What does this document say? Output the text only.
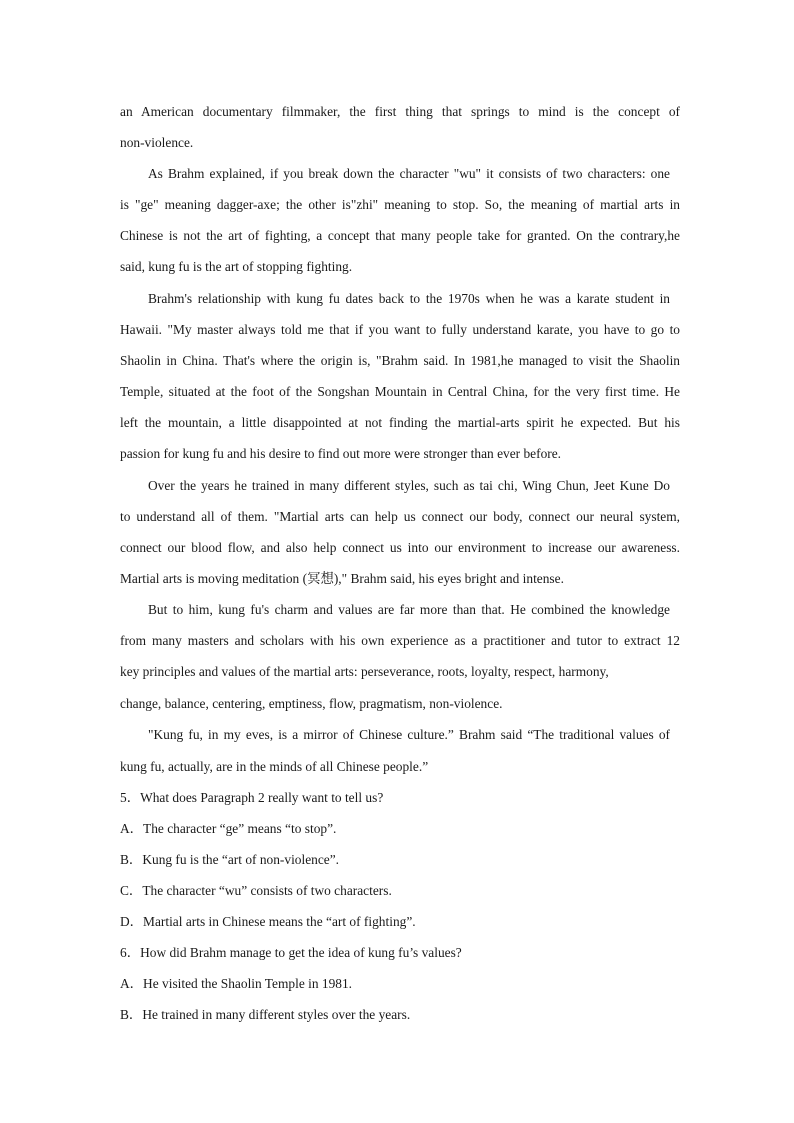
an American documentary filmmaker, the first thing that springs to mind is the concept of
non-violence.
As Brahm explained, if you break down the character "wu" it consists of two characters: one
is "ge" meaning dagger-axe; the other is"zhi" meaning to stop. So, the meaning of martial arts in
Chinese is not the art of fighting, a concept that many people take for granted. On the contrary,he
said, kung fu is the art of stopping fighting.
Brahm's relationship with kung fu dates back to the 1970s when he was a karate student in
Hawaii. "My master always told me that if you want to fully understand karate, you have to go to
Shaolin in China. That's where the origin is, "Brahm said. In 1981,he managed to visit the Shaolin
Temple, situated at the foot of the Songshan Mountain in Central China, for the very first time. He
left the mountain, a little disappointed at not finding the martial-arts spirit he expected. But his
passion for kung fu and his desire to find out more were stronger than ever before.
Over the years he trained in many different styles, such as tai chi, Wing Chun, Jeet Kune Do
to understand all of them. "Martial arts can help us connect our body, connect our neural system,
connect our blood flow, and also help connect us into our environment to increase our awareness.
Martial arts is moving meditation (冥想)," Brahm said, his eyes bright and intense.
But to him, kung fu's charm and values are far more than that. He combined the knowledge
from many masters and scholars with his own experience as a practitioner and tutor to extract 12
key principles and values of the martial arts: perseverance, roots, loyalty, respect, harmony,
change, balance, centering, emptiness, flow, pragmatism, non-violence.
"Kung fu, in my eves, is a mirror of Chinese culture.” Brahm said “The traditional values of
kung fu, actually, are in the minds of all Chinese people.”
5．What does Paragraph 2 really want to tell us?
A．The character “ge” means “to stop”.
B．Kung fu is the “art of non-violence”.
C．The character “wu” consists of two characters.
D．Martial arts in Chinese means the “art of fighting”.
6．How did Brahm manage to get the idea of kung fu’s values?
A．He visited the Shaolin Temple in 1981.
B．He trained in many different styles over the years.
